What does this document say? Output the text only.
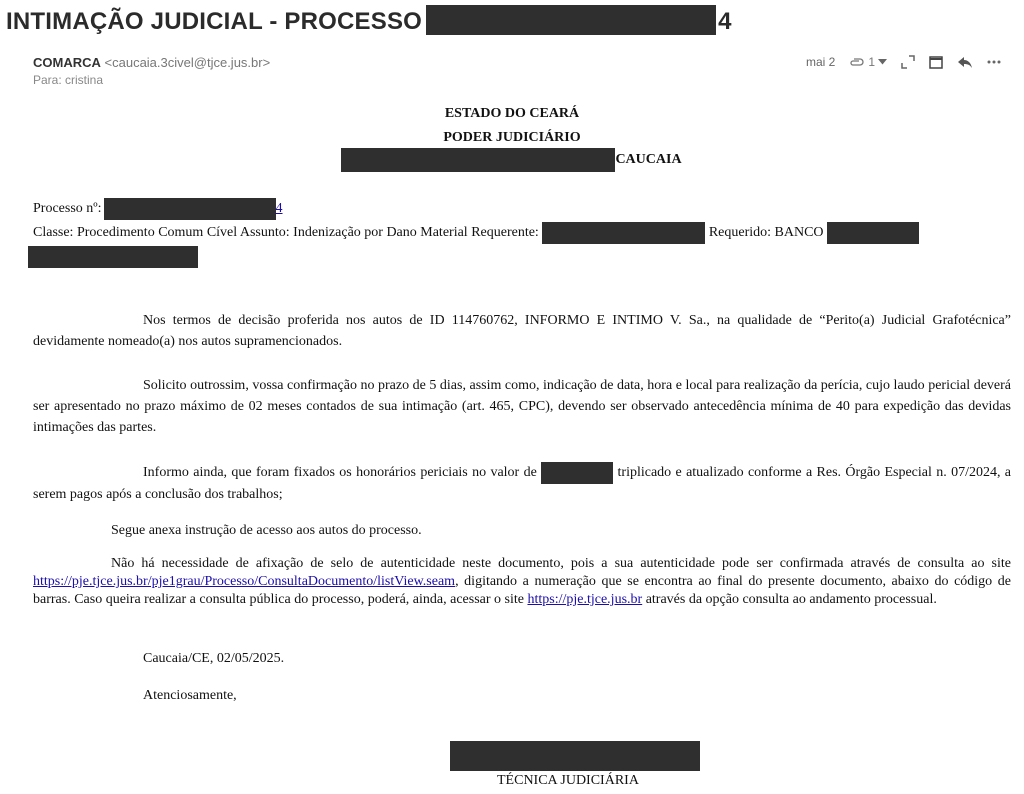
INTIMAÇÃO JUDICIAL - PROCESSO	4
COMARCA <caucaia.3civel@tjce.jus.br>
Para: cristina
mai 2	1
ESTADO DO CEARÁ
PODER JUDICIÁRIO
CAUCAIA
Processo nº:	4
Classe: Procedimento Comum Cível Assunto: Indenização por Dano Material Requerente:	Requerido: BANCO
Nos termos de decisão proferida nos autos de ID 114760762, INFORMO E INTIMO V. Sa., na qualidade de “Perito(a) Judicial Grafotécnica” devidamente nomeado(a) nos autos supramencionados.
Solicito outrossim, vossa confirmação no prazo de 5 dias, assim como, indicação de data, hora e local para realização da perícia, cujo laudo pericial deverá ser apresentado no prazo máximo de 02 meses contados de sua intimação (art. 465, CPC), devendo ser observado antecedência mínima de 40 para expedição das devidas intimações das partes.
Informo ainda, que foram fixados os honorários periciais no valor de	triplicado e atualizado conforme a Res. Órgão Especial n. 07/2024, a serem pagos após a conclusão dos trabalhos;
Segue anexa instrução de acesso aos autos do processo.
Não há necessidade de afixação de selo de autenticidade neste documento, pois a sua autenticidade pode ser confirmada através de consulta ao site https://pje.tjce.jus.br/pje1grau/Processo/ConsultaDocumento/listView.seam, digitando a numeração que se encontra ao final do presente documento, abaixo do código de barras. Caso queira realizar a consulta pública do processo, poderá, ainda, acessar o site https://pje.tjce.jus.br através da opção consulta ao andamento processual.
Caucaia/CE, 02/05/2025.
Atenciosamente,
TÉCNICA JUDICIÁRIA
